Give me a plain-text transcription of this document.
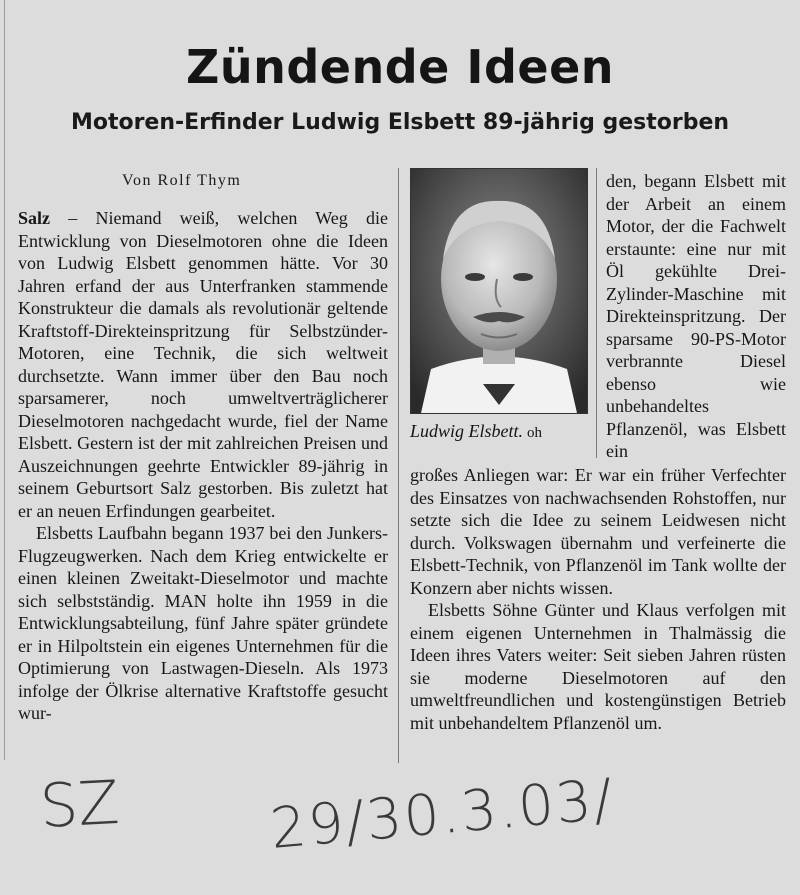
Zündende Ideen
Motoren-Erfinder Ludwig Elsbett 89-jährig gestorben
Von Rolf Thym

Salz – Niemand weiß, welchen Weg die Entwicklung von Dieselmotoren ohne die Ideen von Ludwig Elsbett genommen hätte. Vor 30 Jahren erfand der aus Unterfranken stammende Konstrukteur die damals als revolutionär geltende Kraftstoff-Direkteinspritzung für Selbstzünder-Motoren, eine Technik, die sich weltweit durchsetzte. Wann immer über den Bau noch sparsamerer, noch umweltverträglicherer Dieselmotoren nachgedacht wurde, fiel der Name Elsbett. Gestern ist der mit zahlreichen Preisen und Auszeichnungen geehrte Entwickler 89-jährig in seinem Geburtsort Salz gestorben. Bis zuletzt hat er an neuen Erfindungen gearbeitet.

Elsbetts Laufbahn begann 1937 bei den Junkers-Flugzeugwerken. Nach dem Krieg entwickelte er einen kleinen Zweitakt-Dieselmotor und machte sich selbstständig. MAN holte ihn 1959 in die Entwicklungsabteilung, fünf Jahre später gründete er in Hilpoltstein ein eigenes Unternehmen für die Optimierung von Lastwagen-Dieseln. Als 1973 infolge der Ölkrise alternative Kraftstoffe gesucht wur-

Ludwig Elsbett. oh

den, begann Elsbett mit der Arbeit an einem Motor, der die Fachwelt erstaunte: eine nur mit Öl gekühlte Drei-Zylinder-Maschine mit Direkteinspritzung. Der sparsame 90-PS-Motor verbrannte Diesel ebenso wie unbehandeltes Pflanzenöl, was Elsbett ein

großes Anliegen war: Er war ein früher Verfechter des Einsatzes von nachwachsenden Rohstoffen, nur setzte sich die Idee zu seinem Leidwesen nicht durch. Volkswagen übernahm und verfeinerte die Elsbett-Technik, von Pflanzenöl im Tank wollte der Konzern aber nichts wissen.

Elsbetts Söhne Günter und Klaus verfolgen mit einem eigenen Unternehmen in Thalmässig die Ideen ihres Vaters weiter: Seit sieben Jahren rüsten sie moderne Dieselmotoren auf den umweltfreundlichen und kostengünstigen Betrieb mit unbehandeltem Pflanzenöl um.

SZ	29/30.3.03/
